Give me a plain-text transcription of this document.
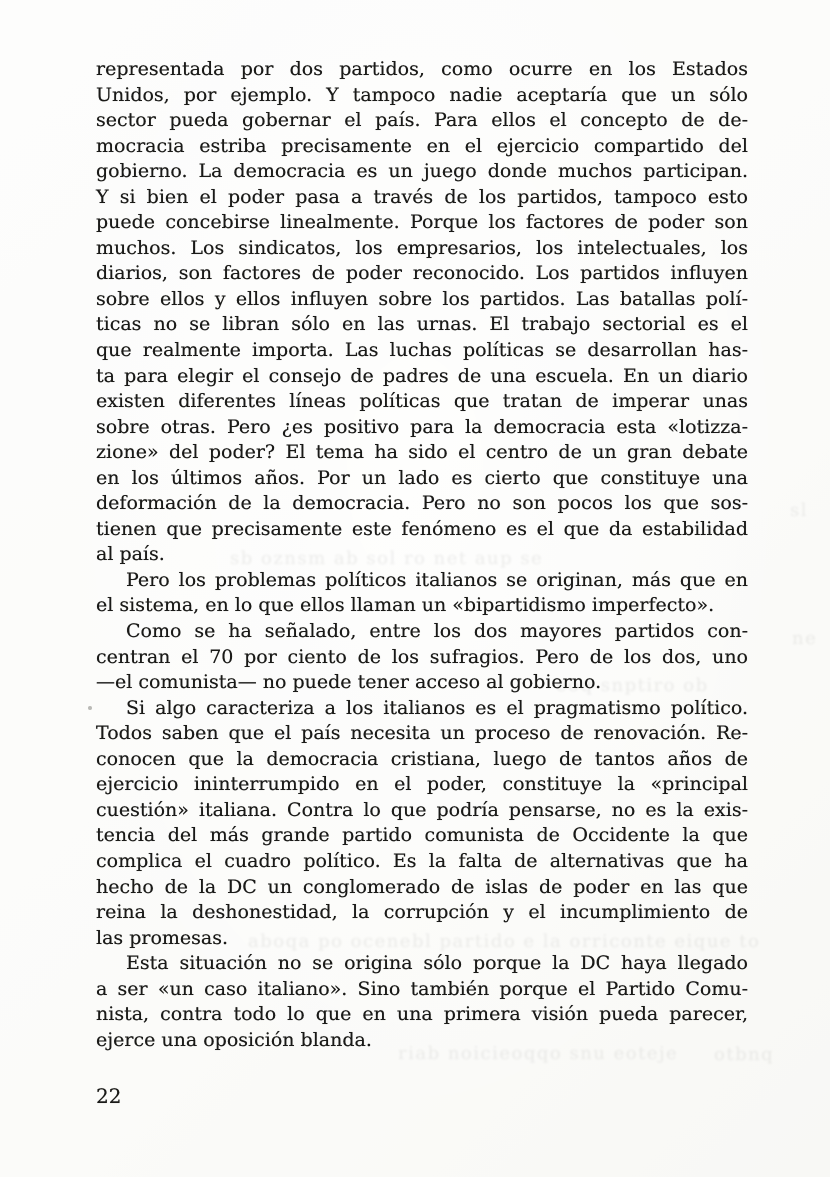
representada por dos partidos, como ocurre en los Estados
Unidos, por ejemplo. Y tampoco nadie aceptaría que un sólo
sector pueda gobernar el país. Para ellos el concepto de de-
mocracia estriba precisamente en el ejercicio compartido del
gobierno. La democracia es un juego donde muchos participan.
Y si bien el poder pasa a través de los partidos, tampoco esto
puede concebirse linealmente. Porque los factores de poder son
muchos. Los sindicatos, los empresarios, los intelectuales, los
diarios, son factores de poder reconocido. Los partidos influyen
sobre ellos y ellos influyen sobre los partidos. Las batallas polí-
ticas no se libran sólo en las urnas. El trabajo sectorial es el
que realmente importa. Las luchas políticas se desarrollan has-
ta para elegir el consejo de padres de una escuela. En un diario
existen diferentes líneas políticas que tratan de imperar unas
sobre otras. Pero ¿es positivo para la democracia esta «lotizza-
zione» del poder? El tema ha sido el centro de un gran debate
en los últimos años. Por un lado es cierto que constituye una
deformación de la democracia. Pero no son pocos los que sos-
tienen que precisamente este fenómeno es el que da estabilidad
al país.
Pero los problemas políticos italianos se originan, más que en
el sistema, en lo que ellos llaman un «bipartidismo imperfecto».
Como se ha señalado, entre los dos mayores partidos con-
centran el 70 por ciento de los sufragios. Pero de los dos, uno
—el comunista— no puede tener acceso al gobierno.
Si algo caracteriza a los italianos es el pragmatismo político.
Todos saben que el país necesita un proceso de renovación. Re-
conocen que la democracia cristiana, luego de tantos años de
ejercicio ininterrumpido en el poder, constituye la «principal
cuestión» italiana. Contra lo que podría pensarse, no es la exis-
tencia del más grande partido comunista de Occidente la que
complica el cuadro político. Es la falta de alternativas que ha
hecho de la DC un conglomerado de islas de poder en las que
reina la deshonestidad, la corrupción y el incumplimiento de
las promesas.
Esta situación no se origina sólo porque la DC haya llegado
a ser «un caso italiano». Sino también porque el Partido Comu-
nista, contra todo lo que en una primera visión pueda parecer,
ejerce una oposición blanda.
22
sb oznsm ab sol ro net aup se
eoq snptiro ob
aboqa po ocenebl partido e la orriconte eique to
riab noicieoqqo snu eoteje otbnq
sl
ne
